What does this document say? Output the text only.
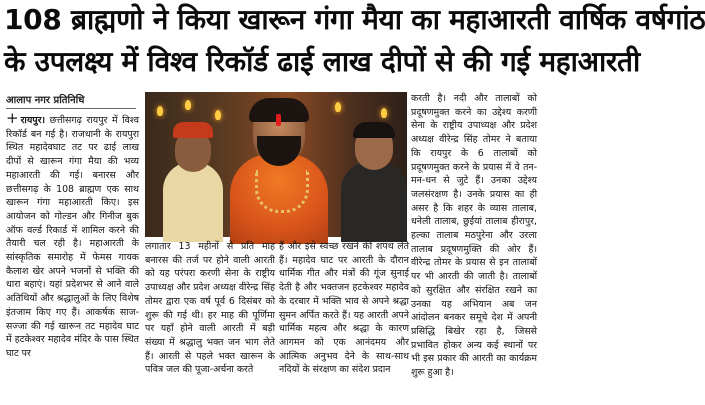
108 ब्राह्मणो ने किया खारून गंगा मैया का महाआरती वार्षिक वर्षगांठ
के उपलक्ष्य में विश्व रिकॉर्ड ढाई लाख दीपों से की गई महाआरती
आलाप नगर प्रतिनिधि
+ रायपुर। छत्तीसगढ़ रायपुर में विश्व रिकॉर्ड बन गई है। राजधानी के रायपुरा स्थित महादेवघाट तट पर ढाई लाख दीपों से खारून गंगा मैया की भव्य महाआरती की गई। बनारस और छत्तीसगढ़ के 108 ब्राह्मण एक साथ खारून गंगा महाआरती किए। इस आयोजन को गोल्डन और गिनीज बुक ऑफ वर्ल्ड रिकार्ड में शामिल करने की तैयारी चल रही है। महाआरती के सांस्कृतिक समारोह में फेमस गायक कैलाश खेर अपने भजनों से भक्ति की धारा बहाएं। यहां प्रदेशभर से आने वाले अतिथियों और श्रद्धालुओं के लिए विशेष इंतजाम किए गए हैं। आकर्षक साज-सज्जा की गई खारून तट महादेव घाट में हटकेश्वर महादेव मंदिर के पास स्थित घाट पर
लगातार 13 महीनों से प्रति माह बनारस की तर्ज पर होने वाली आरती को यह परंपरा करणी सेना के राष्ट्रीय उपाध्यक्ष और प्रदेश अध्यक्ष वीरेन्द्र सिंह तोमर द्वारा एक वर्ष पूर्व 6 दिसंबर को शुरू की गई थी। हर माह की पूर्णिमा पर यहाँ होने वाली आरती में बड़ी संख्या में श्रद्धालु भक्त जन भाग लेते हैं। आरती से पहले भक्त खारून के पवित्र जल की पूजा-अर्चना करते
हैं और इसे स्वच्छ रखने की शपथ लेते हैं। महादेव घाट पर आरती के दौरान धार्मिक गीत और मंत्रों की गूंज सुनाई देती है और भक्तजन हटकेश्वर महादेव के दरबार में भक्ति भाव से अपने श्रद्धा सुमन अर्पित करते हैं। यह आरती अपने धार्मिक महत्व और श्रद्धा के कारण आगमन को एक आनंदमय और आत्मिक अनुभव देने के साथ-साथ नदियों के संरक्षण का संदेश प्रदान
करती है। नदी और तालाबों को प्रदूषणमुक्त करने का उद्देश्य करणी सेना के राष्ट्रीय उपाध्यक्ष और प्रदेश अध्यक्ष वीरेन्द्र सिंह तोमर ने बताया कि रायपुर के 6 तालाबों को प्रदूषणमुक्त करने के प्रयास में वे तन-मन-धन से जुटे हैं। उनका उद्देश्य जलसंरक्षण है। उनके प्रयास का ही असर है कि शहर के व्यास तालाब, धनेली तालाब, छुईयां तालाब हीरापुर, हल्का तालाब मठपुरेना और उरला तालाब प्रदूषणमुक्ति की ओर हैं। वीरेन्द्र तोमर के प्रयास से इन तालाबों पर भी आरती की जाती है। तालाबों को सुरक्षित और संरक्षित रखने का उनका यह अभियान अब जन आंदोलन बनकर समूचे देश में अपनी प्रसिद्धि बिखेर रहा है, जिससे प्रभावित होकर अन्य कई स्थानों पर भी इस प्रकार की आरती का कार्यक्रम शुरू हुआ है।
